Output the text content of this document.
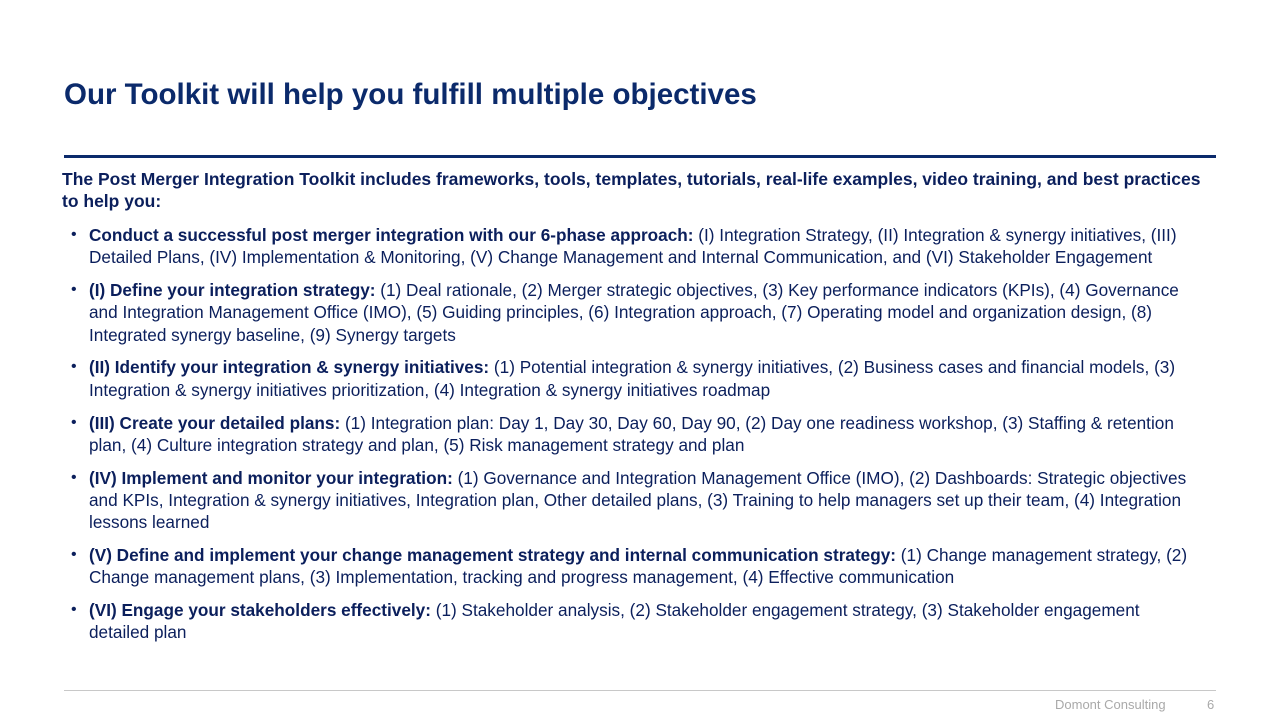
Our Toolkit will help you fulfill multiple objectives

The Post Merger Integration Toolkit includes frameworks, tools, templates, tutorials, real-life examples, video training, and best practices to help you:

• Conduct a successful post merger integration with our 6-phase approach: (I) Integration Strategy, (II) Integration & synergy initiatives, (III) Detailed Plans, (IV) Implementation & Monitoring, (V) Change Management and Internal Communication, and (VI) Stakeholder Engagement
• (I) Define your integration strategy: (1) Deal rationale, (2) Merger strategic objectives, (3) Key performance indicators (KPIs), (4) Governance and Integration Management Office (IMO), (5) Guiding principles, (6) Integration approach, (7) Operating model and organization design, (8) Integrated synergy baseline, (9) Synergy targets
• (II) Identify your integration & synergy initiatives: (1) Potential integration & synergy initiatives, (2) Business cases and financial models, (3) Integration & synergy initiatives prioritization, (4) Integration & synergy initiatives roadmap
• (III) Create your detailed plans: (1) Integration plan: Day 1, Day 30, Day 60, Day 90, (2) Day one readiness workshop, (3) Staffing & retention plan, (4) Culture integration strategy and plan, (5) Risk management strategy and plan
• (IV) Implement and monitor your integration: (1) Governance and Integration Management Office (IMO), (2) Dashboards: Strategic objectives and KPIs, Integration & synergy initiatives, Integration plan, Other detailed plans, (3) Training to help managers set up their team, (4) Integration lessons learned
• (V) Define and implement your change management strategy and internal communication strategy: (1) Change management strategy, (2) Change management plans, (3) Implementation, tracking and progress management, (4) Effective communication
• (VI) Engage your stakeholders effectively: (1) Stakeholder analysis, (2) Stakeholder engagement strategy, (3) Stakeholder engagement detailed plan
Domont Consulting	6
